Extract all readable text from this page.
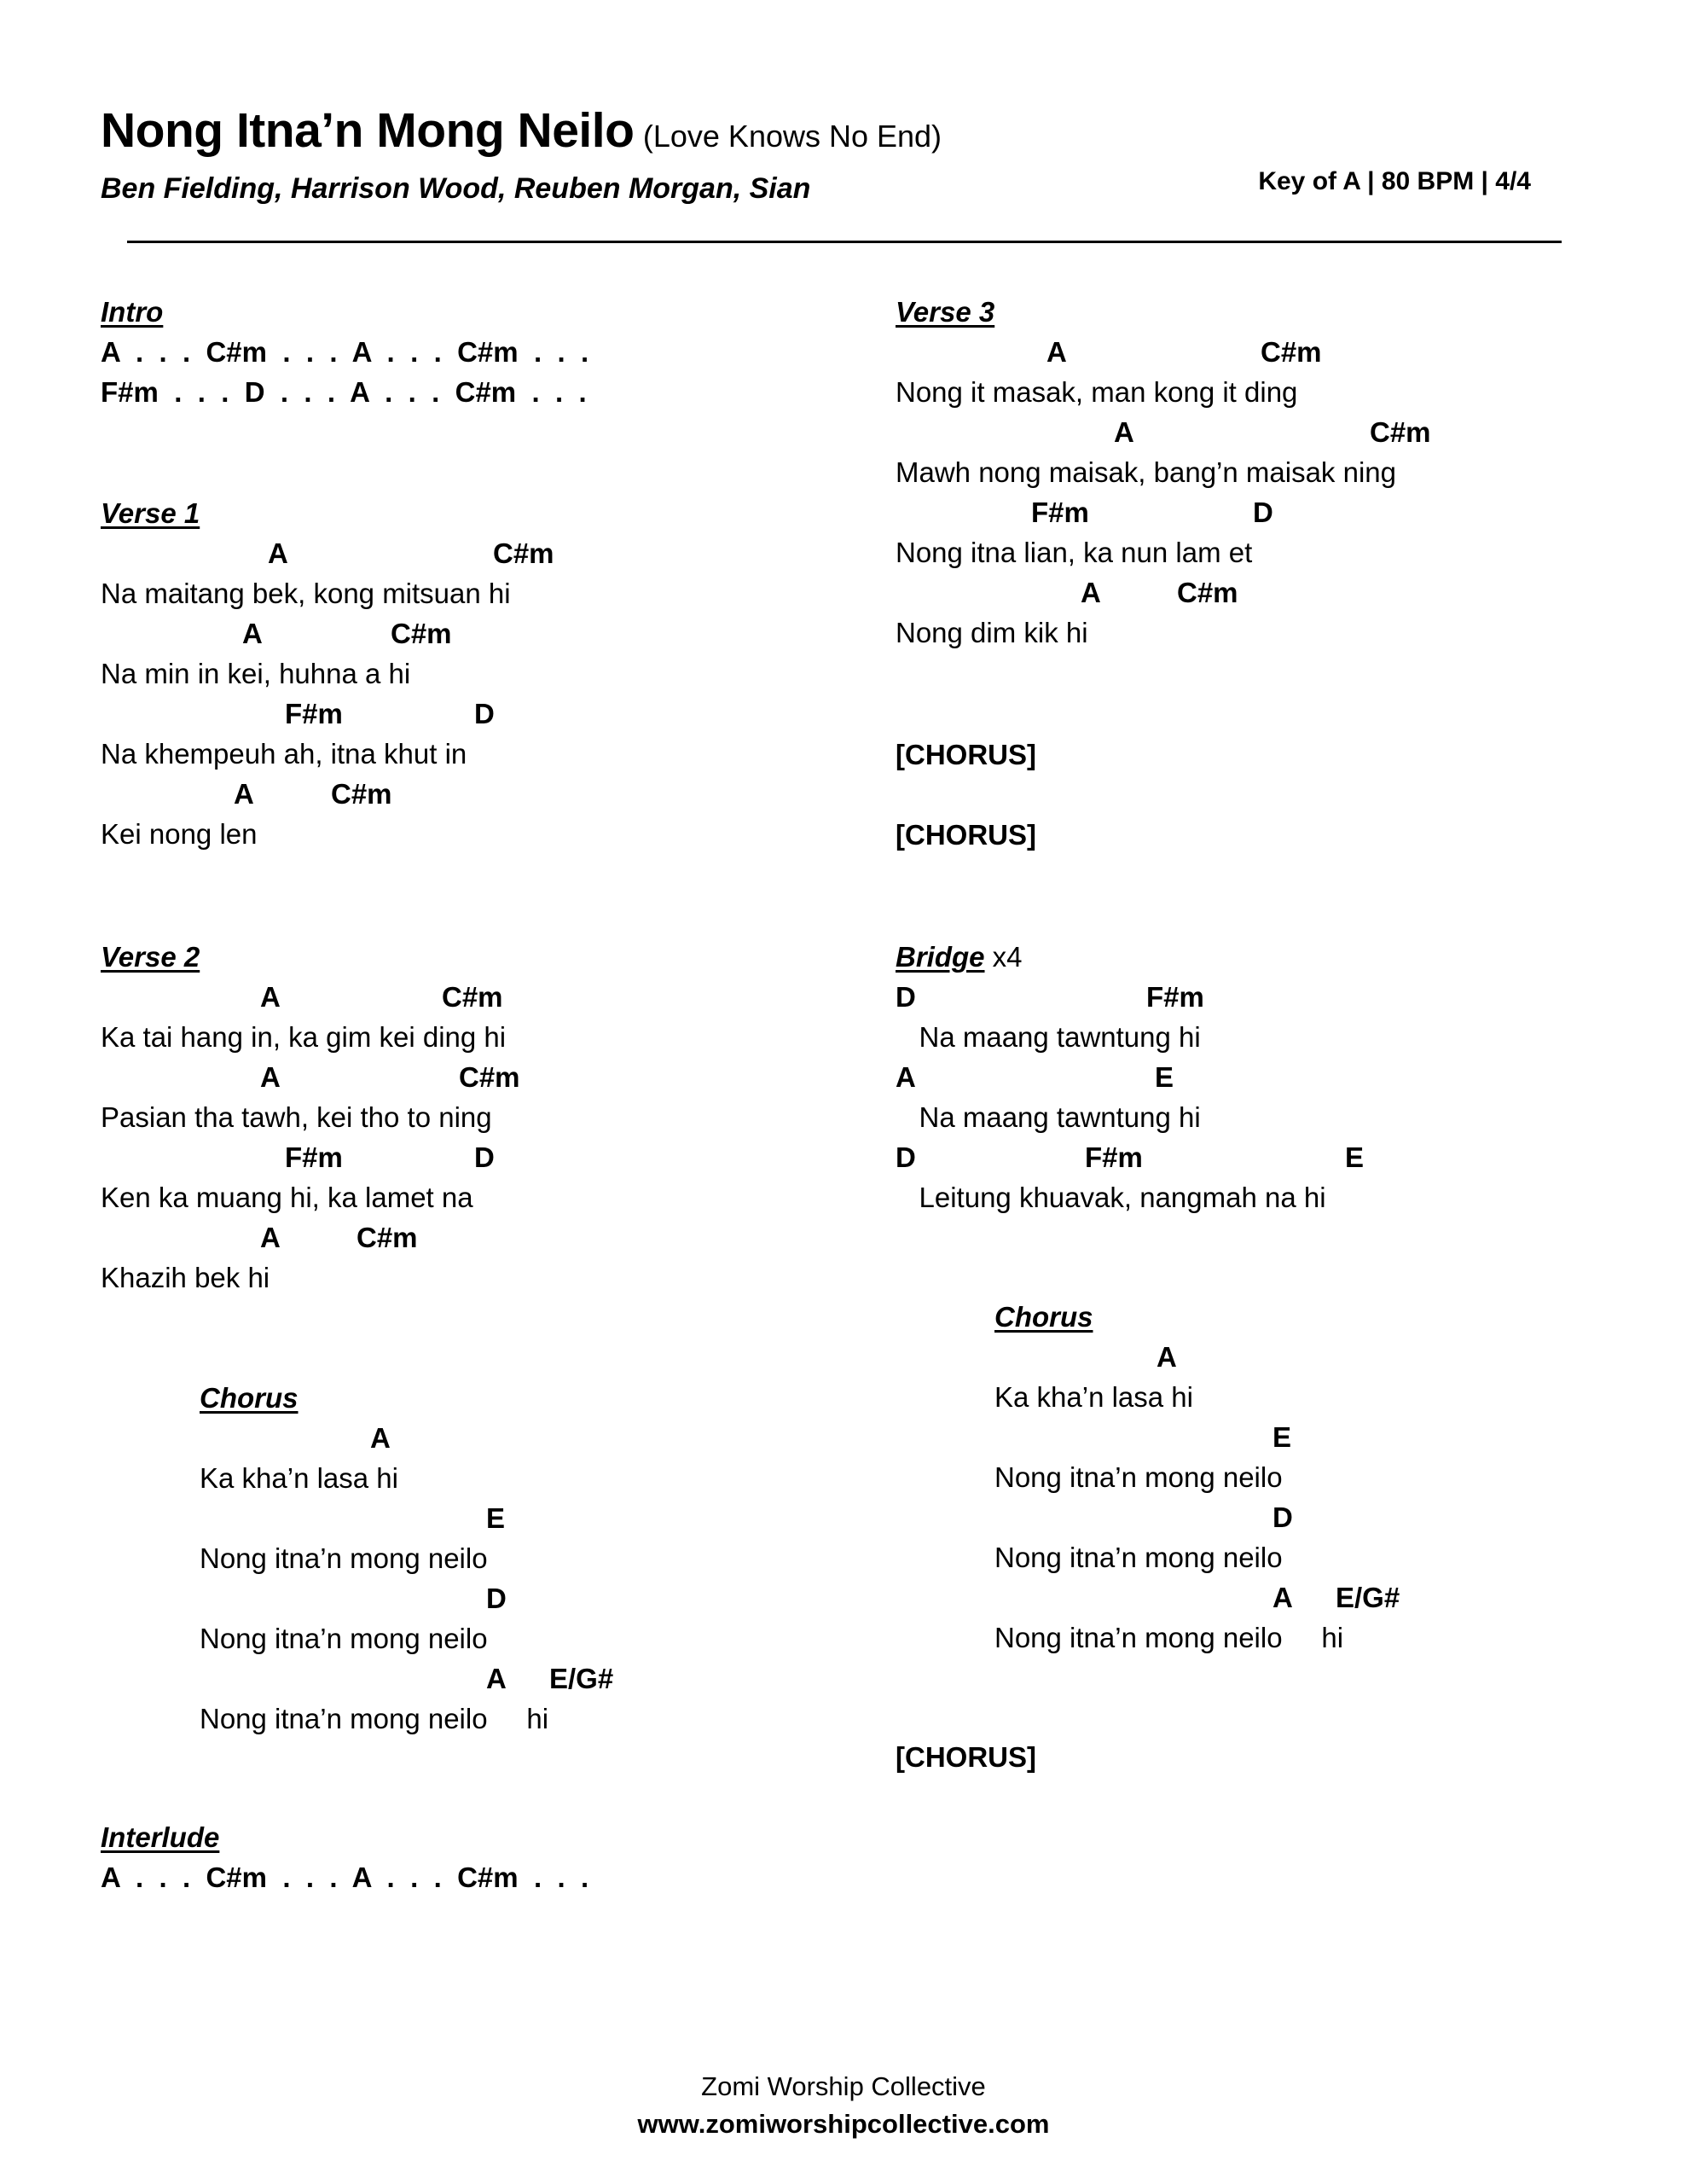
Nong Itna’n Mong Neilo (Love Knows No End)
Ben Fielding, Harrison Wood, Reuben Morgan, Sian	Key of A | 80 BPM | 4/4
Intro
A  .  .  .  C#m  .  .  .  A  .  .  .  C#m  .  .  .
F#m  .  .  .  D  .  .  .  A  .  .  .  C#m  .  .  .
Verse 1
A	C#m
Na maitang bek, kong mitsuan hi
A	C#m
Na min in kei, huhna a hi
F#m	D
Na khempeuh ah, itna khut in
A	C#m
Kei nong len
Verse 2
A	C#m
Ka tai hang in, ka gim kei ding hi
A	C#m
Pasian tha tawh, kei tho to ning
F#m	D
Ken ka muang hi, ka lamet na
A	C#m
Khazih bek hi
Chorus
A
Ka kha’n lasa hi
E
Nong itna’n mong neilo
D
Nong itna’n mong neilo
A E/G#
Nong itna’n mong neilo     hi
Interlude
A  .  .  .  C#m  .  .  .  A  .  .  .  C#m  .  .  .
Verse 3
A	C#m
Nong it masak, man kong it ding
A	C#m
Mawh nong maisak, bang’n maisak ning
F#m	D
Nong itna lian, ka nun lam et
A	C#m
Nong dim kik hi
[CHORUS]
[CHORUS]
Bridge x4
D	F#m
Na maang tawntung hi
A	E
Na maang tawntung hi
D	F#m	E
Leitung khuavak, nangmah na hi
Chorus
A
Ka kha’n lasa hi
E
Nong itna’n mong neilo
D
Nong itna’n mong neilo
A E/G#
Nong itna’n mong neilo     hi
[CHORUS]
Zomi Worship Collective
www.zomiworshipcollective.com
